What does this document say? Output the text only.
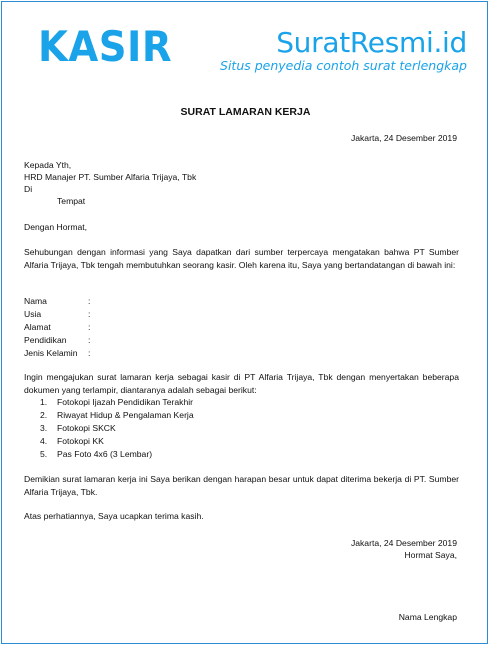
KASIR	SuratResmi.id
Situs penyedia contoh surat terlengkap
SURAT LAMARAN KERJA
Jakarta, 24 Desember 2019
Kepada Yth,
HRD Manajer PT. Sumber Alfaria Trijaya, Tbk
Di
Tempat
Dengan Hormat,
Sehubungan dengan informasi yang Saya dapatkan dari sumber terpercaya mengatakan bahwa PT Sumber Alfaria Trijaya, Tbk tengah membutuhkan seorang kasir. Oleh karena itu, Saya yang bertandatangan di bawah ini:
Nama	:
Usia	:
Alamat	:
Pendidikan :
Jenis Kelamin :
Ingin mengajukan surat lamaran kerja sebagai kasir di PT Alfaria Trijaya, Tbk dengan menyertakan beberapa dokumen yang terlampir, diantaranya adalah sebagai berikut:
1. Fotokopi Ijazah Pendidikan Terakhir
2. Riwayat Hidup & Pengalaman Kerja
3. Fotokopi SKCK
4. Fotokopi KK
5. Pas Foto 4x6 (3 Lembar)
Demikian surat lamaran kerja ini Saya berikan dengan harapan besar untuk dapat diterima bekerja di PT. Sumber Alfaria Trijaya, Tbk.
Atas perhatiannya, Saya ucapkan terima kasih.
Jakarta, 24 Desember 2019
Hormat Saya,
Nama Lengkap
